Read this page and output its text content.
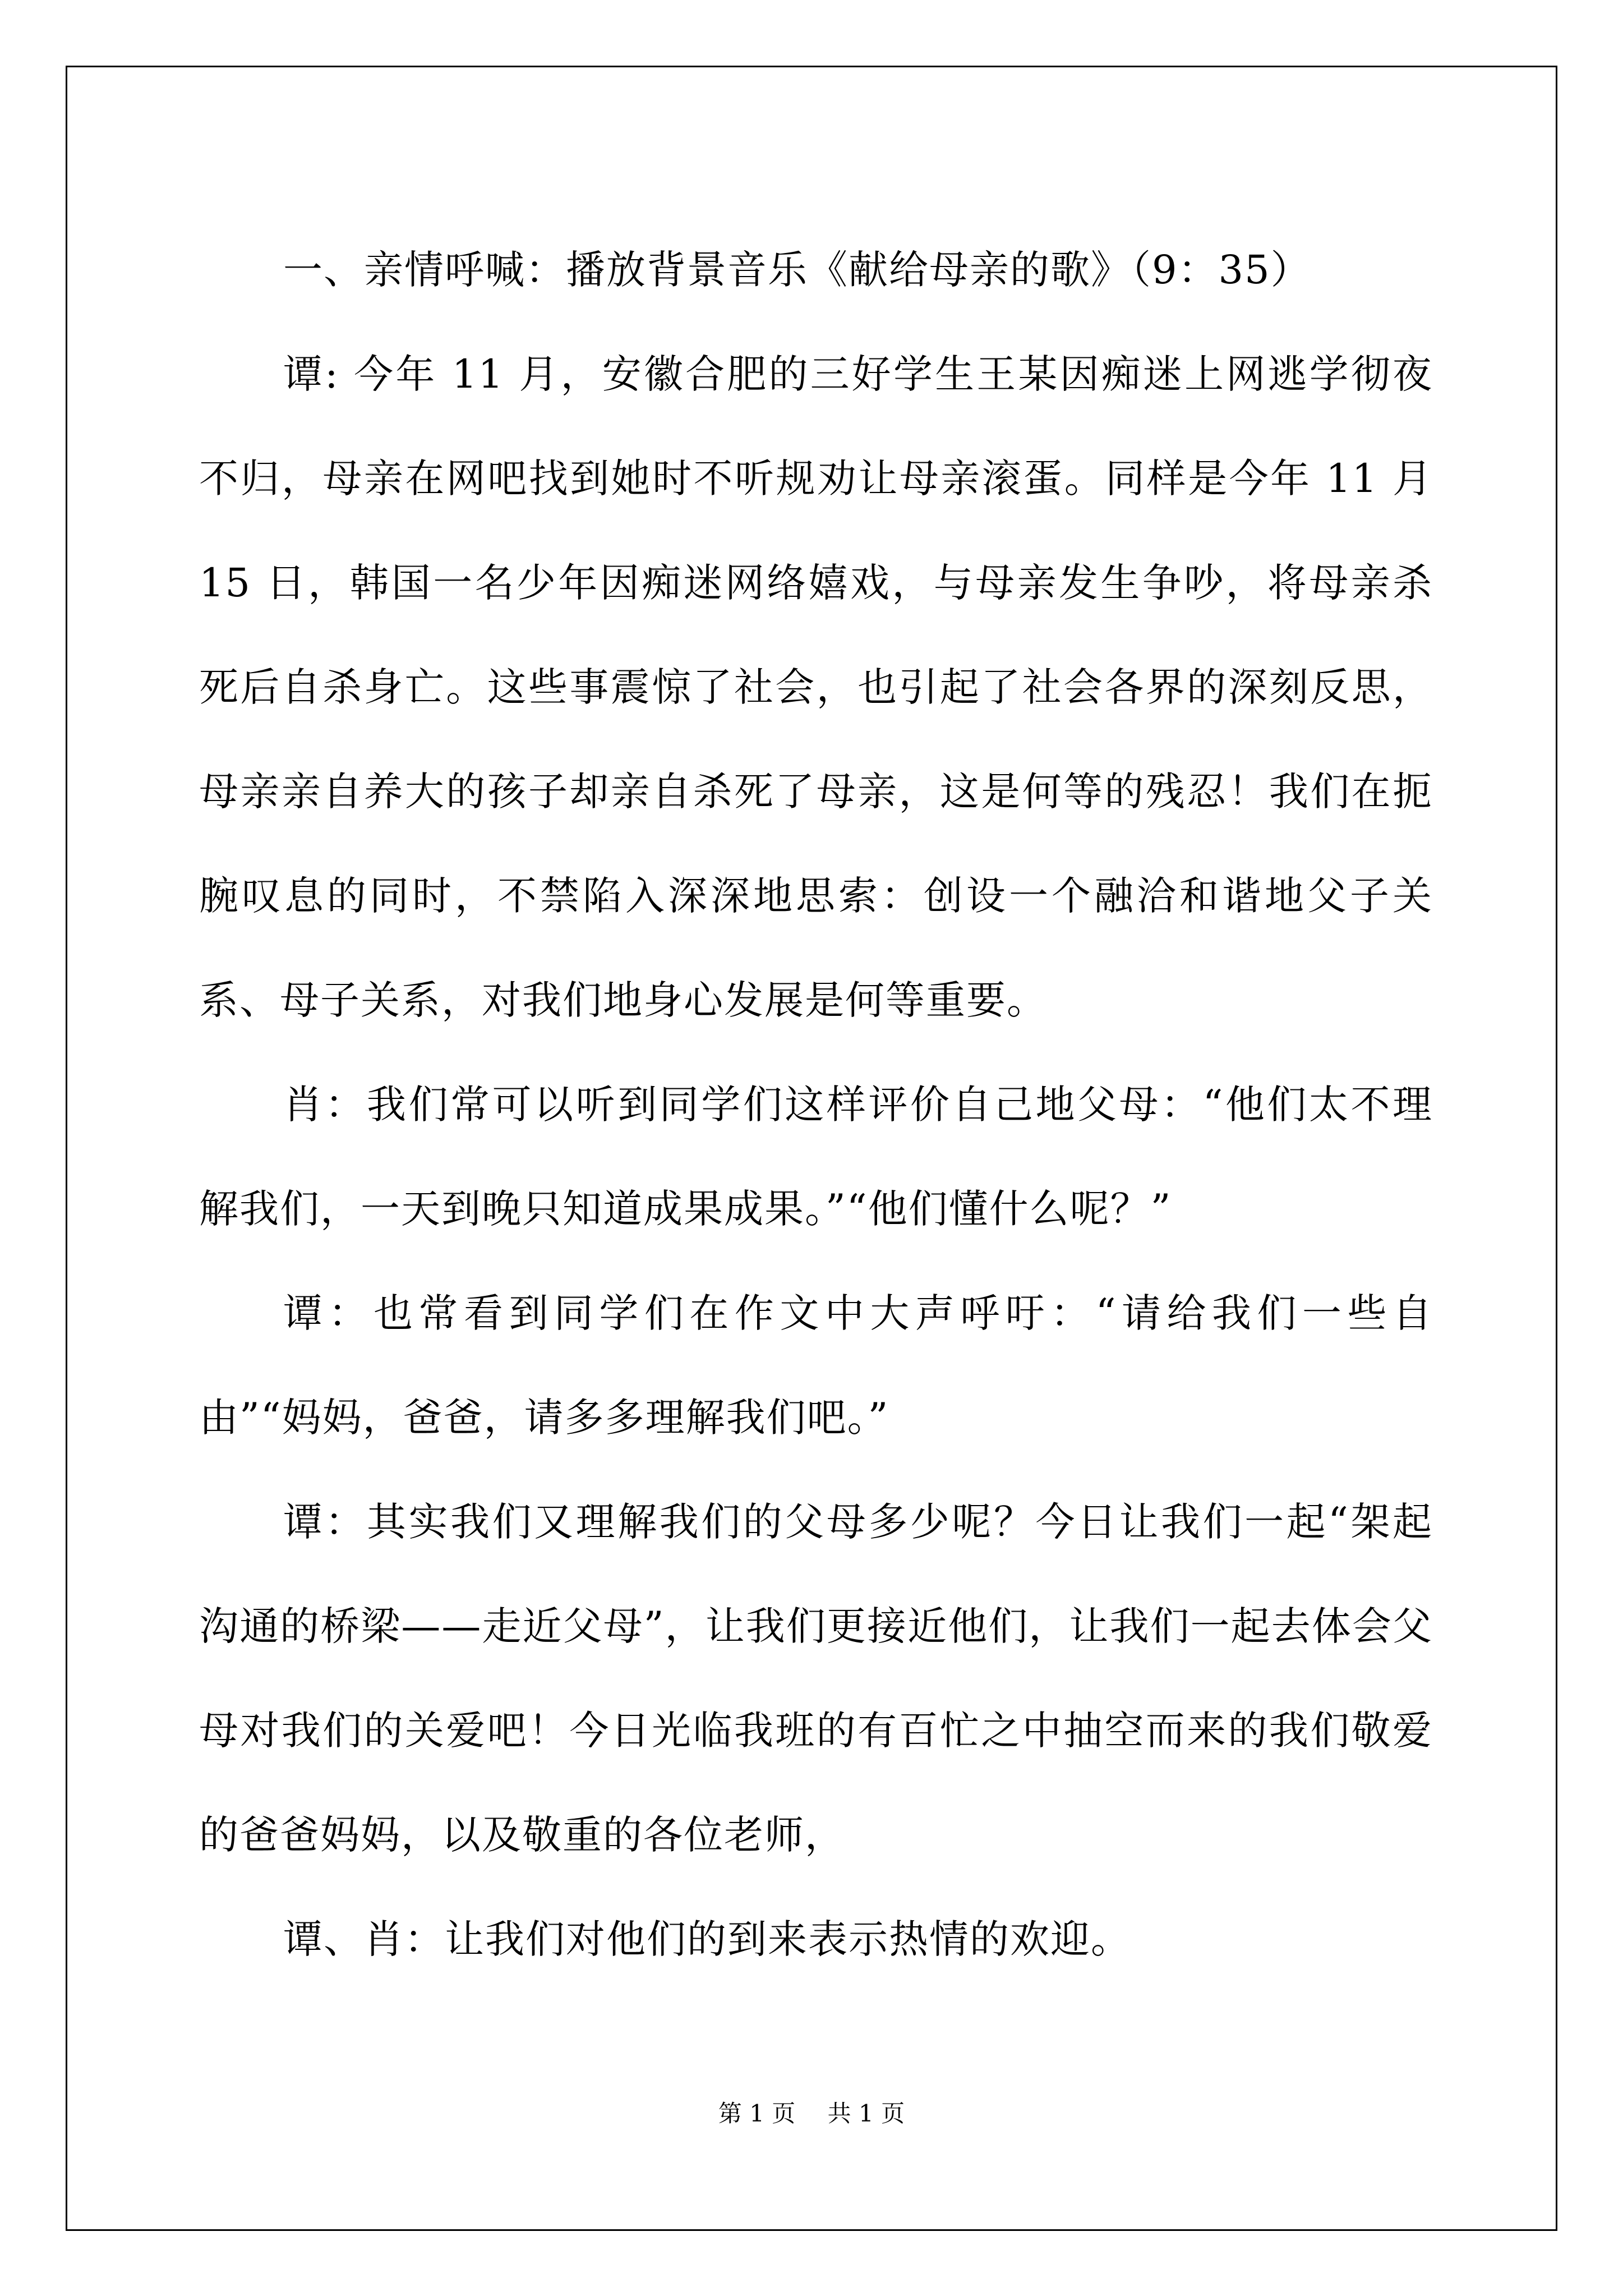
一、亲情呼喊：播放背景音乐《献给母亲的歌》（9：35）

谭: 今年 11 月，安徽合肥的三好学生王某因痴迷上网逃学彻夜不归，母亲在网吧找到她时不听规劝让母亲滚蛋。同样是今年 11 月 15 日，韩国一名少年因痴迷网络嬉戏，与母亲发生争吵，将母亲杀死后自杀身亡。这些事震惊了社会，也引起了社会各界的深刻反思，母亲亲自养大的孩子却亲自杀死了母亲，这是何等的残忍！我们在扼腕叹息的同时，不禁陷入深深地思索：创设一个融洽和谐地父子关系、母子关系，对我们地身心发展是何等重要。

肖：我们常可以听到同学们这样评价自己地父母：“他们太不理解我们，一天到晚只知道成果成果。”“他们懂什么呢？”

谭：也常看到同学们在作文中大声呼吁：“请给我们一些自由”“妈妈，爸爸，请多多理解我们吧。”

谭：其实我们又理解我们的父母多少呢？今日让我们一起“架起沟通的桥梁——走近父母”，让我们更接近他们，让我们一起去体会父母对我们的关爱吧！今日光临我班的有百忙之中抽空而来的我们敬爱的爸爸妈妈，以及敬重的各位老师，

谭、肖：让我们对他们的到来表示热情的欢迎。

第 1 页 共 1 页
